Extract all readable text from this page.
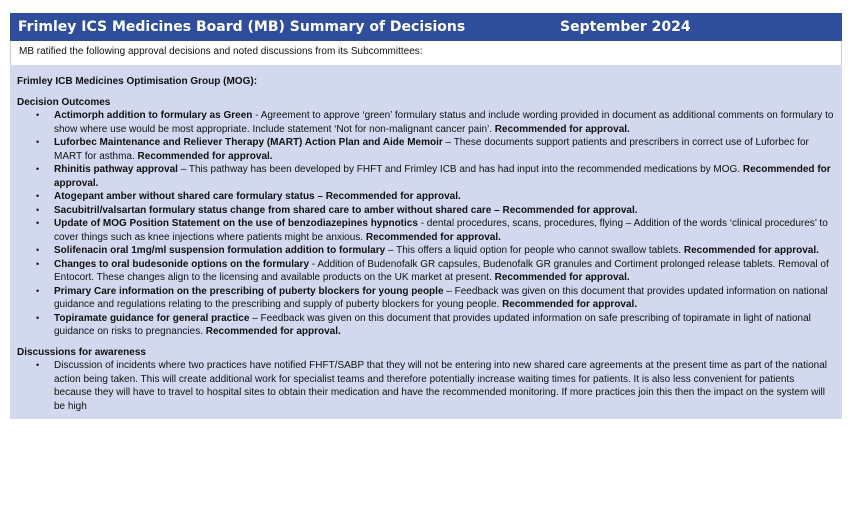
Frimley ICS Medicines Board (MB) Summary of Decisions	September 2024
MB ratified the following approval decisions and noted discussions from its Subcommittees:
Frimley ICB Medicines Optimisation Group (MOG):
Decision Outcomes
• Actimorph addition to formulary as Green - Agreement to approve ‘green’ formulary status and include wording provided in document as additional comments on formulary to show where use would be most appropriate. Include statement ‘Not for non-malignant cancer pain’. Recommended for approval.
• Luforbec Maintenance and Reliever Therapy (MART) Action Plan and Aide Memoir – These documents support patients and prescribers in correct use of Luforbec for MART for asthma. Recommended for approval.
• Rhinitis pathway approval – This pathway has been developed by FHFT and Frimley ICB and has had input into the recommended medications by MOG. Recommended for approval.
• Atogepant amber without shared care formulary status – Recommended for approval.
• Sacubitril/valsartan formulary status change from shared care to amber without shared care – Recommended for approval.
• Update of MOG Position Statement on the use of benzodiazepines hypnotics - dental procedures, scans, procedures, flying – Addition of the words ‘clinical procedures’ to cover things such as knee injections where patients might be anxious. Recommended for approval.
• Solifenacin oral 1mg/ml suspension formulation addition to formulary – This offers a liquid option for people who cannot swallow tablets. Recommended for approval.
• Changes to oral budesonide options on the formulary - Addition of Budenofalk GR capsules, Budenofalk GR granules and Cortiment prolonged release tablets. Removal of Entocort. These changes align to the licensing and available products on the UK market at present. Recommended for approval.
• Primary Care information on the prescribing of puberty blockers for young people – Feedback was given on this document that provides updated information on national guidance and regulations relating to the prescribing and supply of puberty blockers for young people. Recommended for approval.
• Topiramate guidance for general practice – Feedback was given on this document that provides updated information on safe prescribing of topiramate in light of national guidance on risks to pregnancies. Recommended for approval.
Discussions for awareness
• Discussion of incidents where two practices have notified FHFT/SABP that they will not be entering into new shared care agreements at the present time as part of the national action being taken. This will create additional work for specialist teams and therefore potentially increase waiting times for patients. It is also less convenient for patients because they will have to travel to hospital sites to obtain their medication and have the recommended monitoring. If more practices join this then the impact on the system will be high
